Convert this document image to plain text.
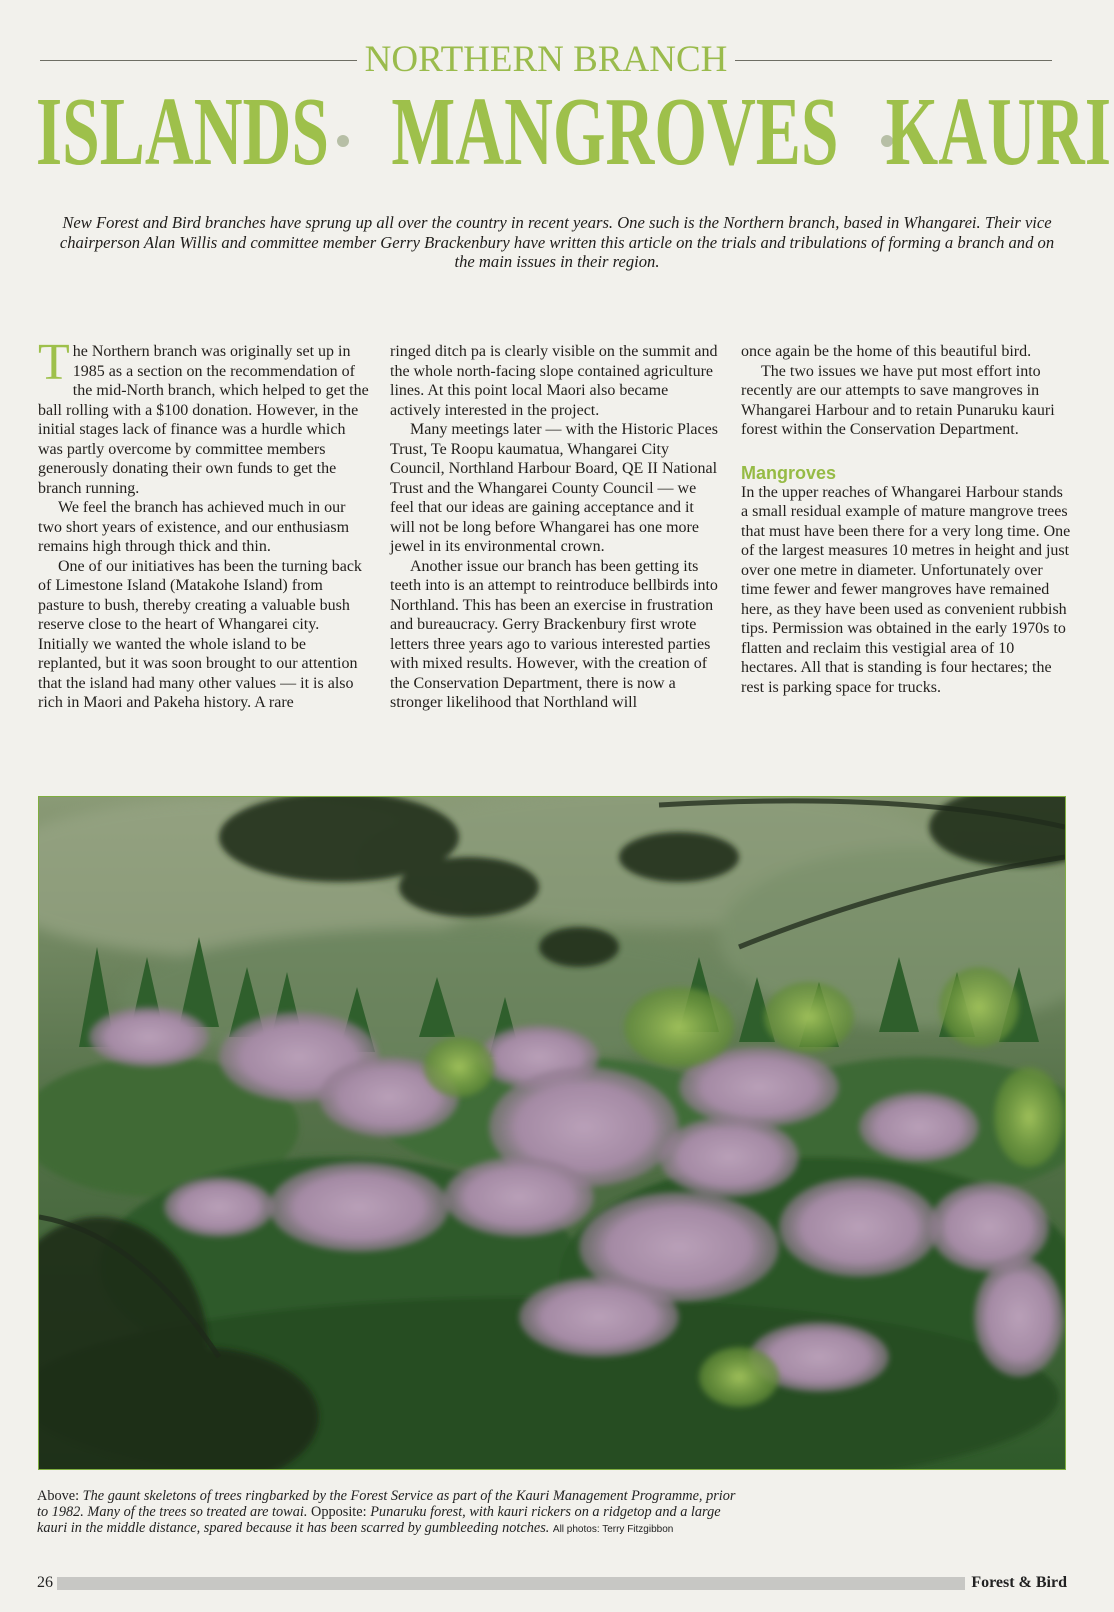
NORTHERN BRANCH
ISLANDS MANGROVES KAURI

New Forest and Bird branches have sprung up all over the country in recent years. One such is the Northern branch, based in Whangarei. Their vice chairperson Alan Willis and committee member Gerry Brackenbury have written this article on the trials and tribulations of forming a branch and on the main issues in their region.

The Northern branch was originally set up in 1985 as a section on the recommendation of the mid-North branch, which helped to get the ball rolling with a $100 donation. However, in the initial stages lack of finance was a hurdle which was partly overcome by committee members generously donating their own funds to get the branch running.

We feel the branch has achieved much in our two short years of existence, and our enthusiasm remains high through thick and thin.

One of our initiatives has been the turning back of Limestone Island (Matakohe Island) from pasture to bush, thereby creating a valuable bush reserve close to the heart of Whangarei city. Initially we wanted the whole island to be replanted, but it was soon brought to our attention that the island had many other values — it is also rich in Maori and Pakeha history. A rare

ringed ditch pa is clearly visible on the summit and the whole north-facing slope contained agriculture lines. At this point local Maori also became actively interested in the project.

Many meetings later — with the Historic Places Trust, Te Roopu kaumatua, Whangarei City Council, Northland Harbour Board, QE II National Trust and the Whangarei County Council — we feel that our ideas are gaining acceptance and it will not be long before Whangarei has one more jewel in its environmental crown.

Another issue our branch has been getting its teeth into is an attempt to reintroduce bellbirds into Northland. This has been an exercise in frustration and bureaucracy. Gerry Brackenbury first wrote letters three years ago to various interested parties with mixed results. However, with the creation of the Conservation Department, there is now a stronger likelihood that Northland will

once again be the home of this beautiful bird.

The two issues we have put most effort into recently are our attempts to save mangroves in Whangarei Harbour and to retain Punaruku kauri forest within the Conservation Department.

Mangroves

In the upper reaches of Whangarei Harbour stands a small residual example of mature mangrove trees that must have been there for a very long time. One of the largest measures 10 metres in height and just over one metre in diameter. Unfortunately over time fewer and fewer mangroves have remained here, as they have been used as convenient rubbish tips. Permission was obtained in the early 1970s to flatten and reclaim this vestigial area of 10 hectares. All that is standing is four hectares; the rest is parking space for trucks.

Above: The gaunt skeletons of trees ringbarked by the Forest Service as part of the Kauri Management Programme, prior to 1982. Many of the trees so treated are towai. Opposite: Punaruku forest, with kauri rickers on a ridgetop and a large kauri in the middle distance, spared because it has been scarred by gumbleeding notches. All photos: Terry Fitzgibbon

26	Forest & Bird
